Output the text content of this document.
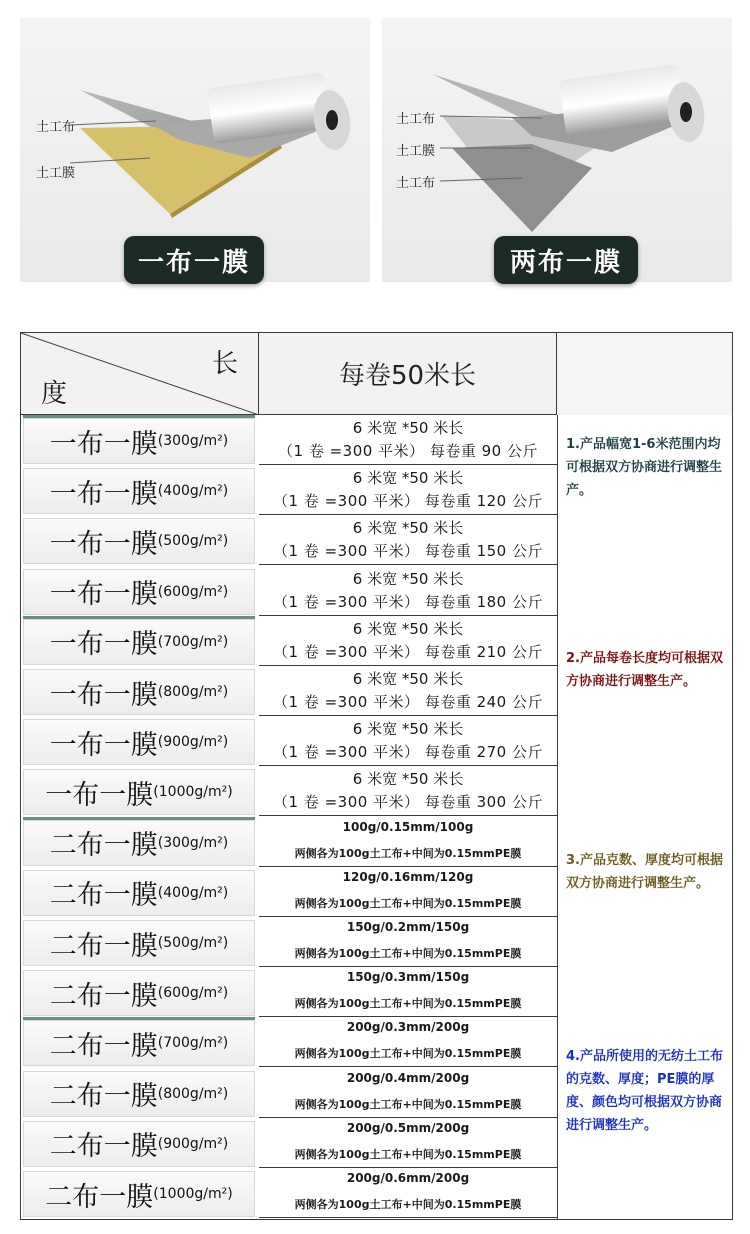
土工布
土工膜
一布一膜
土工布
土工膜
土工布
两布一膜
长
度
每卷50米长
一布一膜 (300g/m²)
6 米宽 *50 米长
（1 卷 =300 平米） 每卷重 90 公斤
一布一膜 (400g/m²)
6 米宽 *50 米长
（1 卷 =300 平米） 每卷重 120 公斤
一布一膜 (500g/m²)
6 米宽 *50 米长
（1 卷 =300 平米） 每卷重 150 公斤
一布一膜 (600g/m²)
6 米宽 *50 米长
（1 卷 =300 平米） 每卷重 180 公斤
一布一膜 (700g/m²)
6 米宽 *50 米长
（1 卷 =300 平米） 每卷重 210 公斤
一布一膜 (800g/m²)
6 米宽 *50 米长
（1 卷 =300 平米） 每卷重 240 公斤
一布一膜 (900g/m²)
6 米宽 *50 米长
（1 卷 =300 平米） 每卷重 270 公斤
一布一膜 (1000g/m²)
6 米宽 *50 米长
（1 卷 =300 平米） 每卷重 300 公斤
二布一膜 (300g/m²)
100g/0.15mm/100g
两侧各为100g土工布+中间为0.15mmPE膜
二布一膜 (400g/m²)
120g/0.16mm/120g
两侧各为100g土工布+中间为0.15mmPE膜
二布一膜 (500g/m²)
150g/0.2mm/150g
两侧各为100g土工布+中间为0.15mmPE膜
二布一膜 (600g/m²)
150g/0.3mm/150g
两侧各为100g土工布+中间为0.15mmPE膜
二布一膜 (700g/m²)
200g/0.3mm/200g
两侧各为100g土工布+中间为0.15mmPE膜
二布一膜 (800g/m²)
200g/0.4mm/200g
两侧各为100g土工布+中间为0.15mmPE膜
二布一膜 (900g/m²)
200g/0.5mm/200g
两侧各为100g土工布+中间为0.15mmPE膜
二布一膜 (1000g/m²)
200g/0.6mm/200g
两侧各为100g土工布+中间为0.15mmPE膜
1.产品幅宽1-6米范围内均可根据双方协商进行调整生产。
2.产品每卷长度均可根据双方协商进行调整生产。
3.产品克数、厚度均可根据双方协商进行调整生产。
4.产品所使用的无纺土工布的克数、厚度；PE膜的厚度、颜色均可根据双方协商进行调整生产。
